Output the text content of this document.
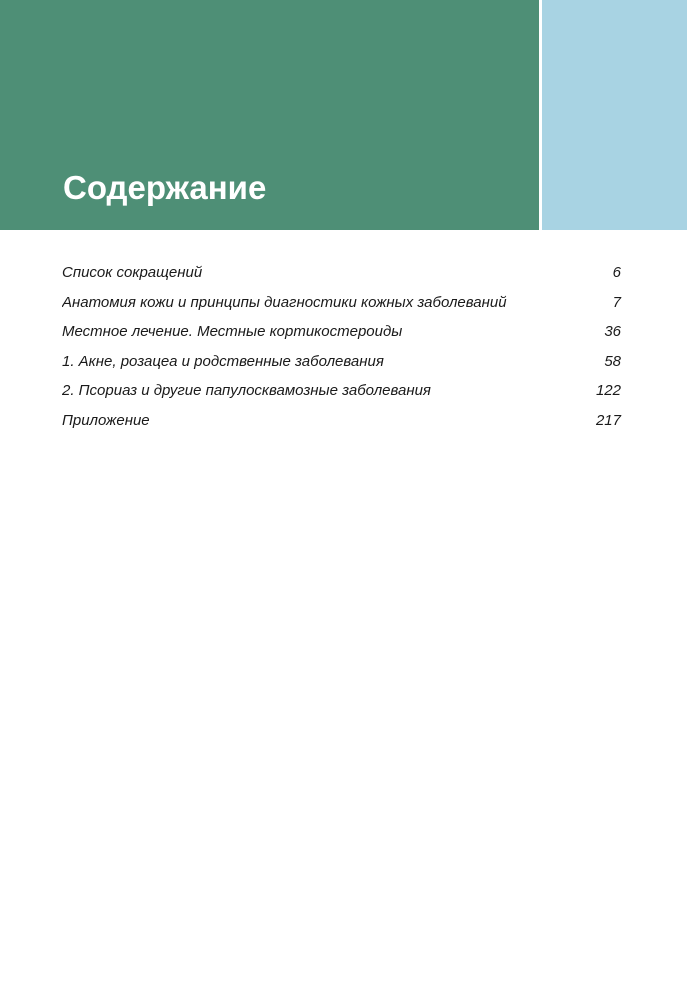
Содержание
Список сокращений	6
Анатомия кожи и принципы диагностики кожных заболеваний	7
Местное лечение. Местные кортикостероиды	36
1. Акне, розацеа и родственные заболевания	58
2. Псориаз и другие папулосквамозные заболевания	122
Приложение	217
